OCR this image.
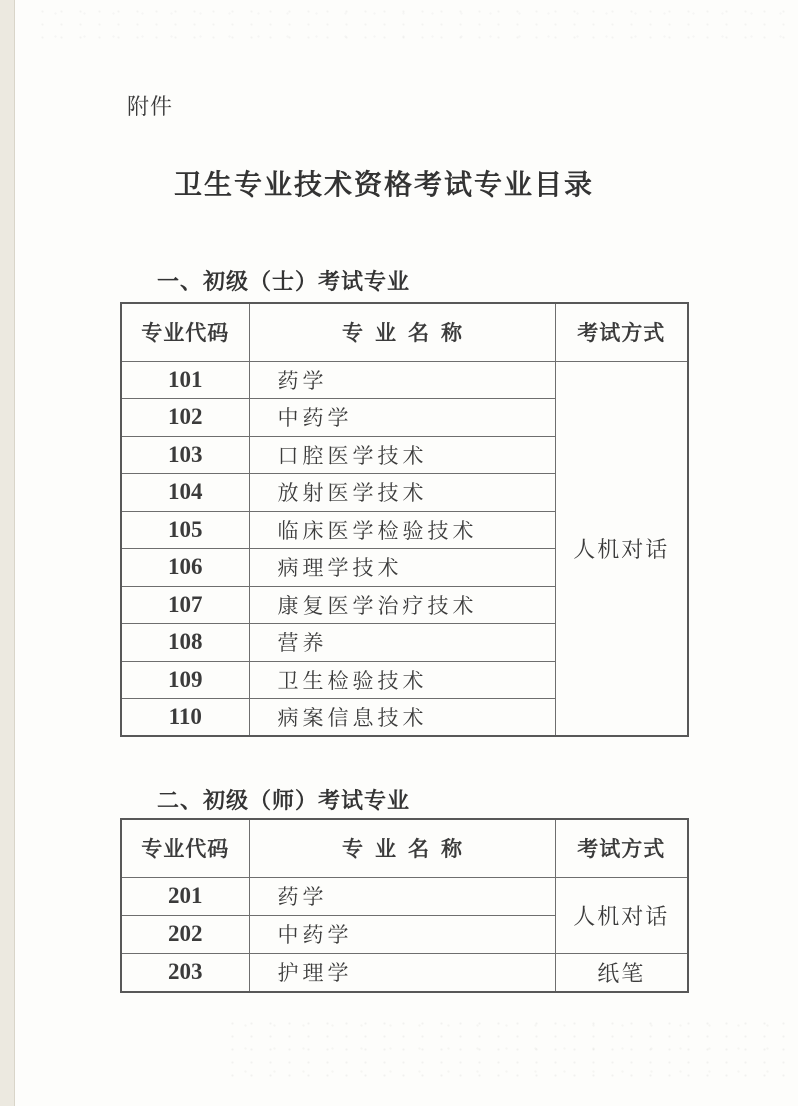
附件
卫生专业技术资格考试专业目录
一、初级（士）考试专业
专业代码	专业名称	考试方式
101	药学	人机对话
102	中药学	
103	口腔医学技术	
104	放射医学技术	
105	临床医学检验技术	
106	病理学技术	
107	康复医学治疗技术	
108	营养	
109	卫生检验技术	
110	病案信息技术	
二、初级（师）考试专业
专业代码	专业名称	考试方式
201	药学	人机对话
202	中药学	
203	护理学	纸笔
